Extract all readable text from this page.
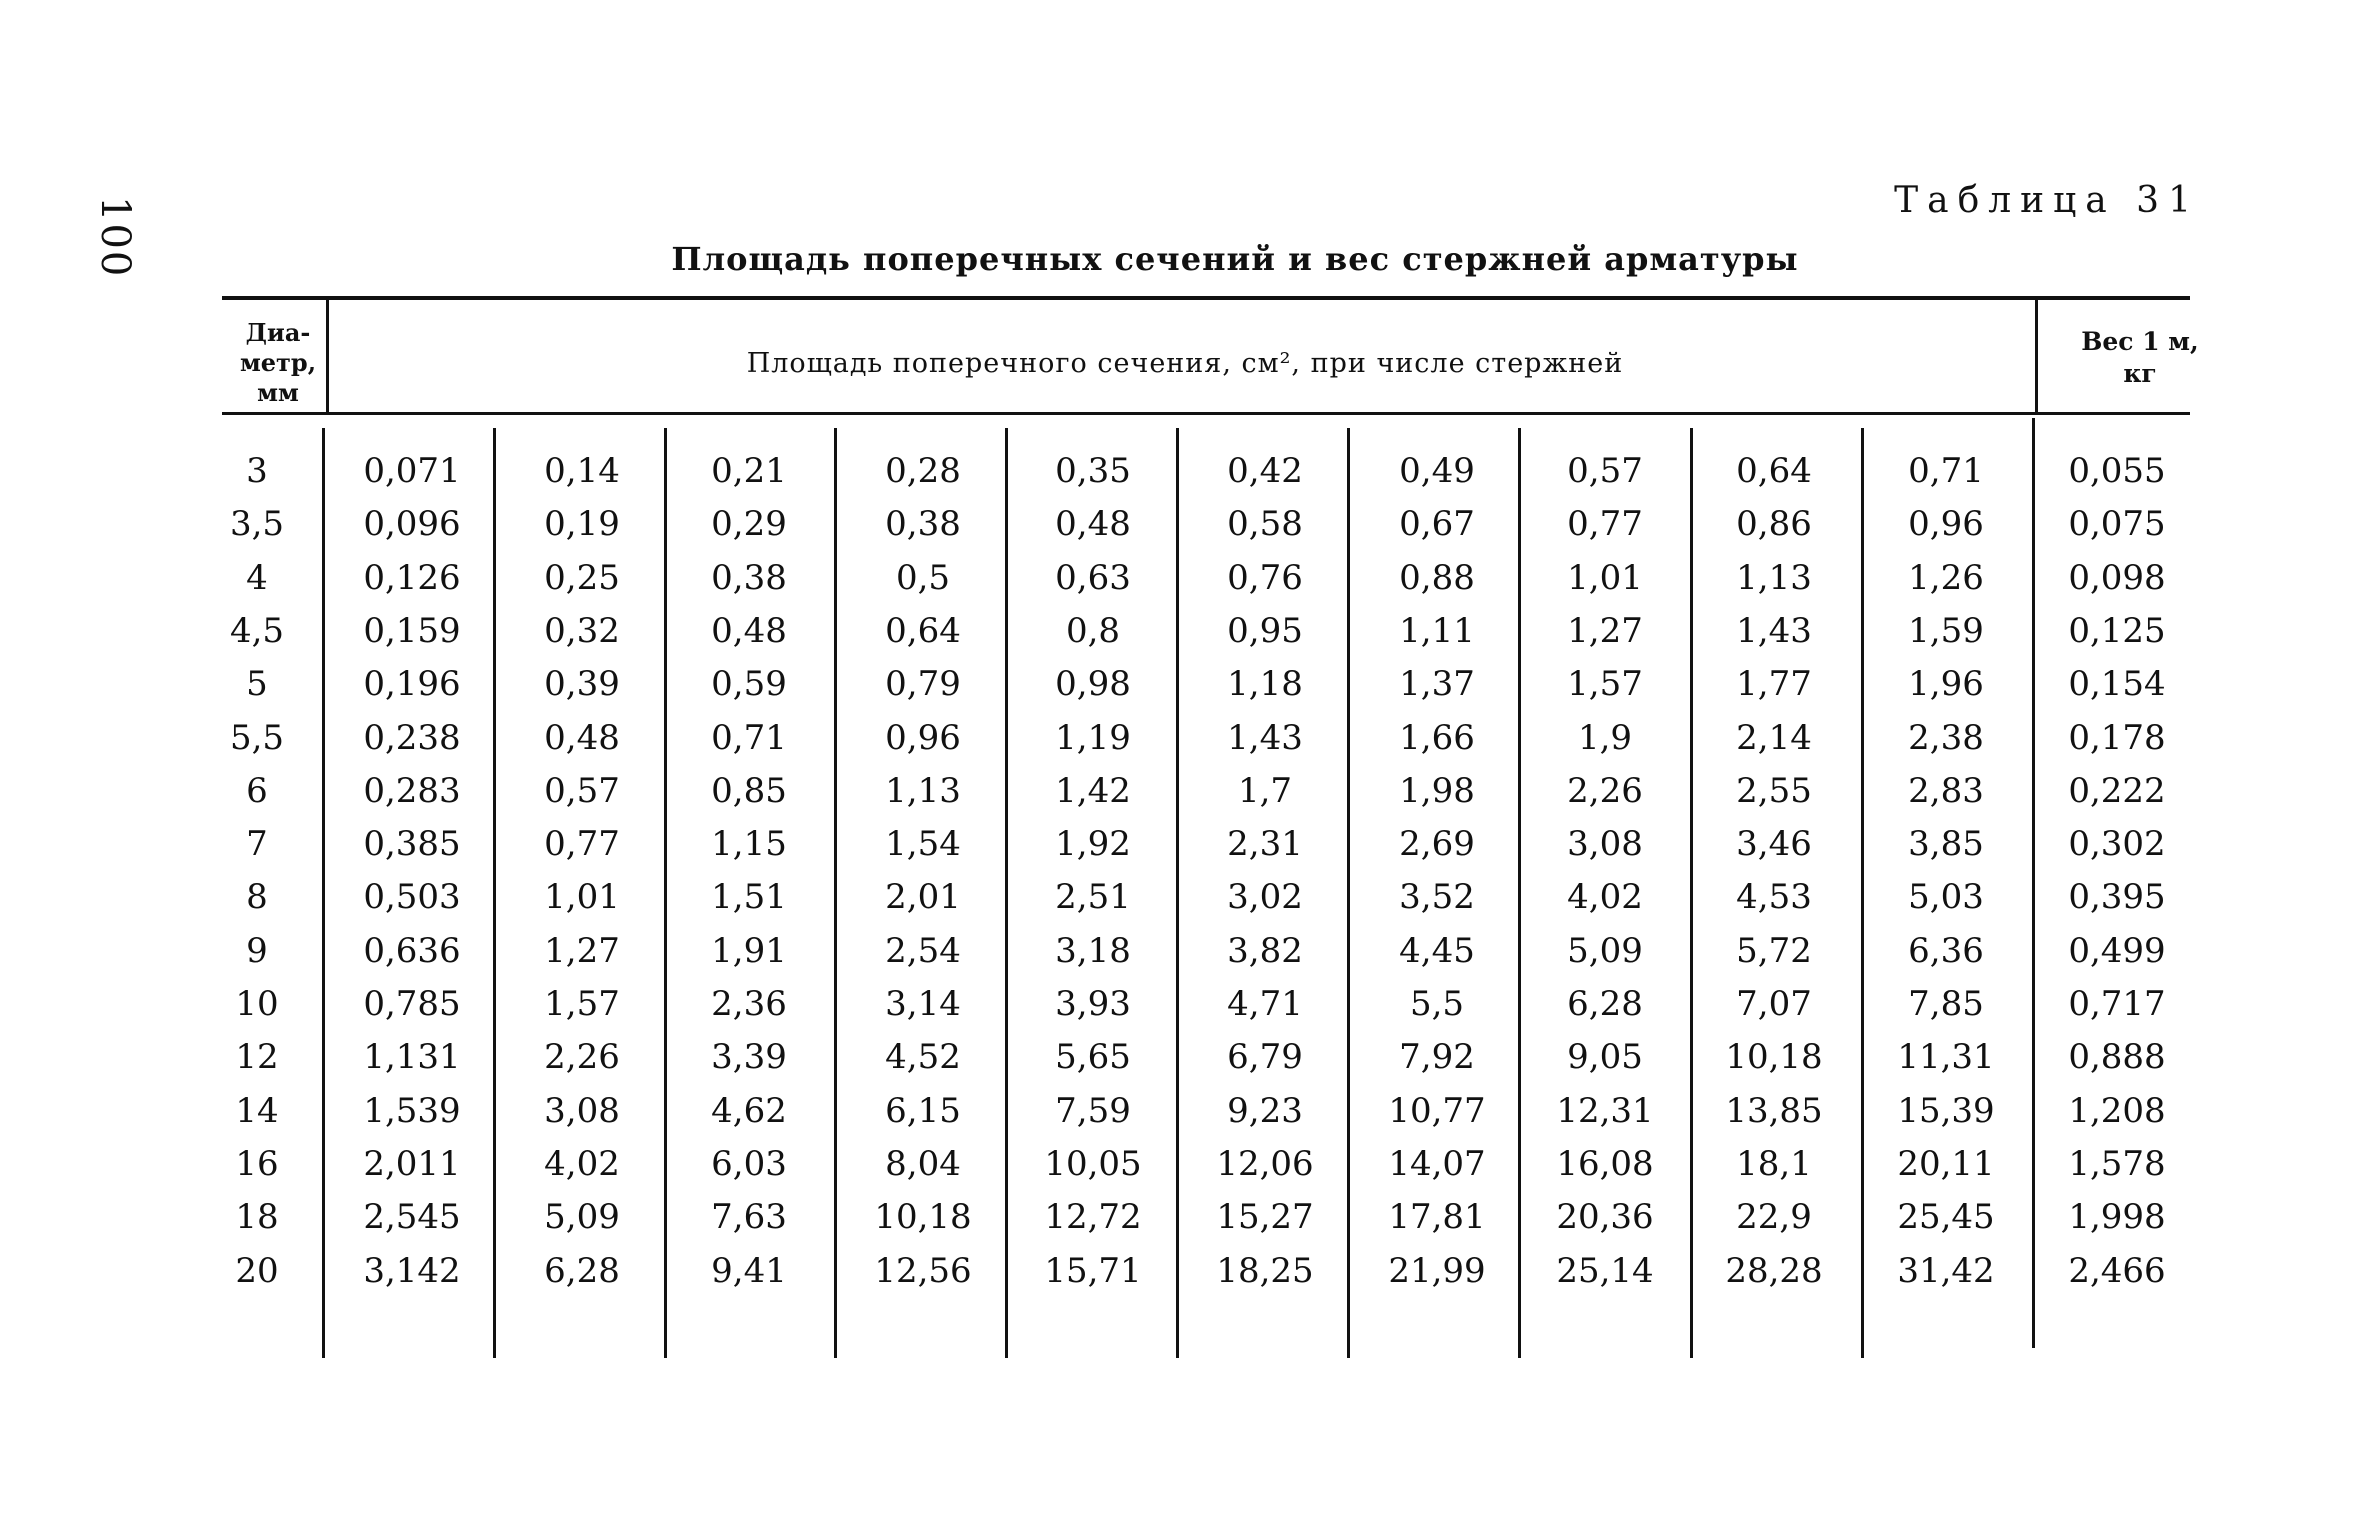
100	Таблица 31
Площадь поперечных сечений и вес стержней арматуры
Диа-
метр,
мм
Площадь поперечного сечения, см², при числе стержней
Вес 1 м,
кг
3	0,071	0,14	0,21	0,28	0,35	0,42	0,49	0,57	0,64	0,71	0,055
3,5	0,096	0,19	0,29	0,38	0,48	0,58	0,67	0,77	0,86	0,96	0,075
4	0,126	0,25	0,38	0,5	0,63	0,76	0,88	1,01	1,13	1,26	0,098
4,5	0,159	0,32	0,48	0,64	0,8	0,95	1,11	1,27	1,43	1,59	0,125
5	0,196	0,39	0,59	0,79	0,98	1,18	1,37	1,57	1,77	1,96	0,154
5,5	0,238	0,48	0,71	0,96	1,19	1,43	1,66	1,9	2,14	2,38	0,178
6	0,283	0,57	0,85	1,13	1,42	1,7	1,98	2,26	2,55	2,83	0,222
7	0,385	0,77	1,15	1,54	1,92	2,31	2,69	3,08	3,46	3,85	0,302
8	0,503	1,01	1,51	2,01	2,51	3,02	3,52	4,02	4,53	5,03	0,395
9	0,636	1,27	1,91	2,54	3,18	3,82	4,45	5,09	5,72	6,36	0,499
10	0,785	1,57	2,36	3,14	3,93	4,71	5,5	6,28	7,07	7,85	0,717
12	1,131	2,26	3,39	4,52	5,65	6,79	7,92	9,05	10,18	11,31	0,888
14	1,539	3,08	4,62	6,15	7,59	9,23	10,77	12,31	13,85	15,39	1,208
16	2,011	4,02	6,03	8,04	10,05	12,06	14,07	16,08	18,1	20,11	1,578
18	2,545	5,09	7,63	10,18	12,72	15,27	17,81	20,36	22,9	25,45	1,998
20	3,142	6,28	9,41	12,56	15,71	18,25	21,99	25,14	28,28	31,42	2,466
